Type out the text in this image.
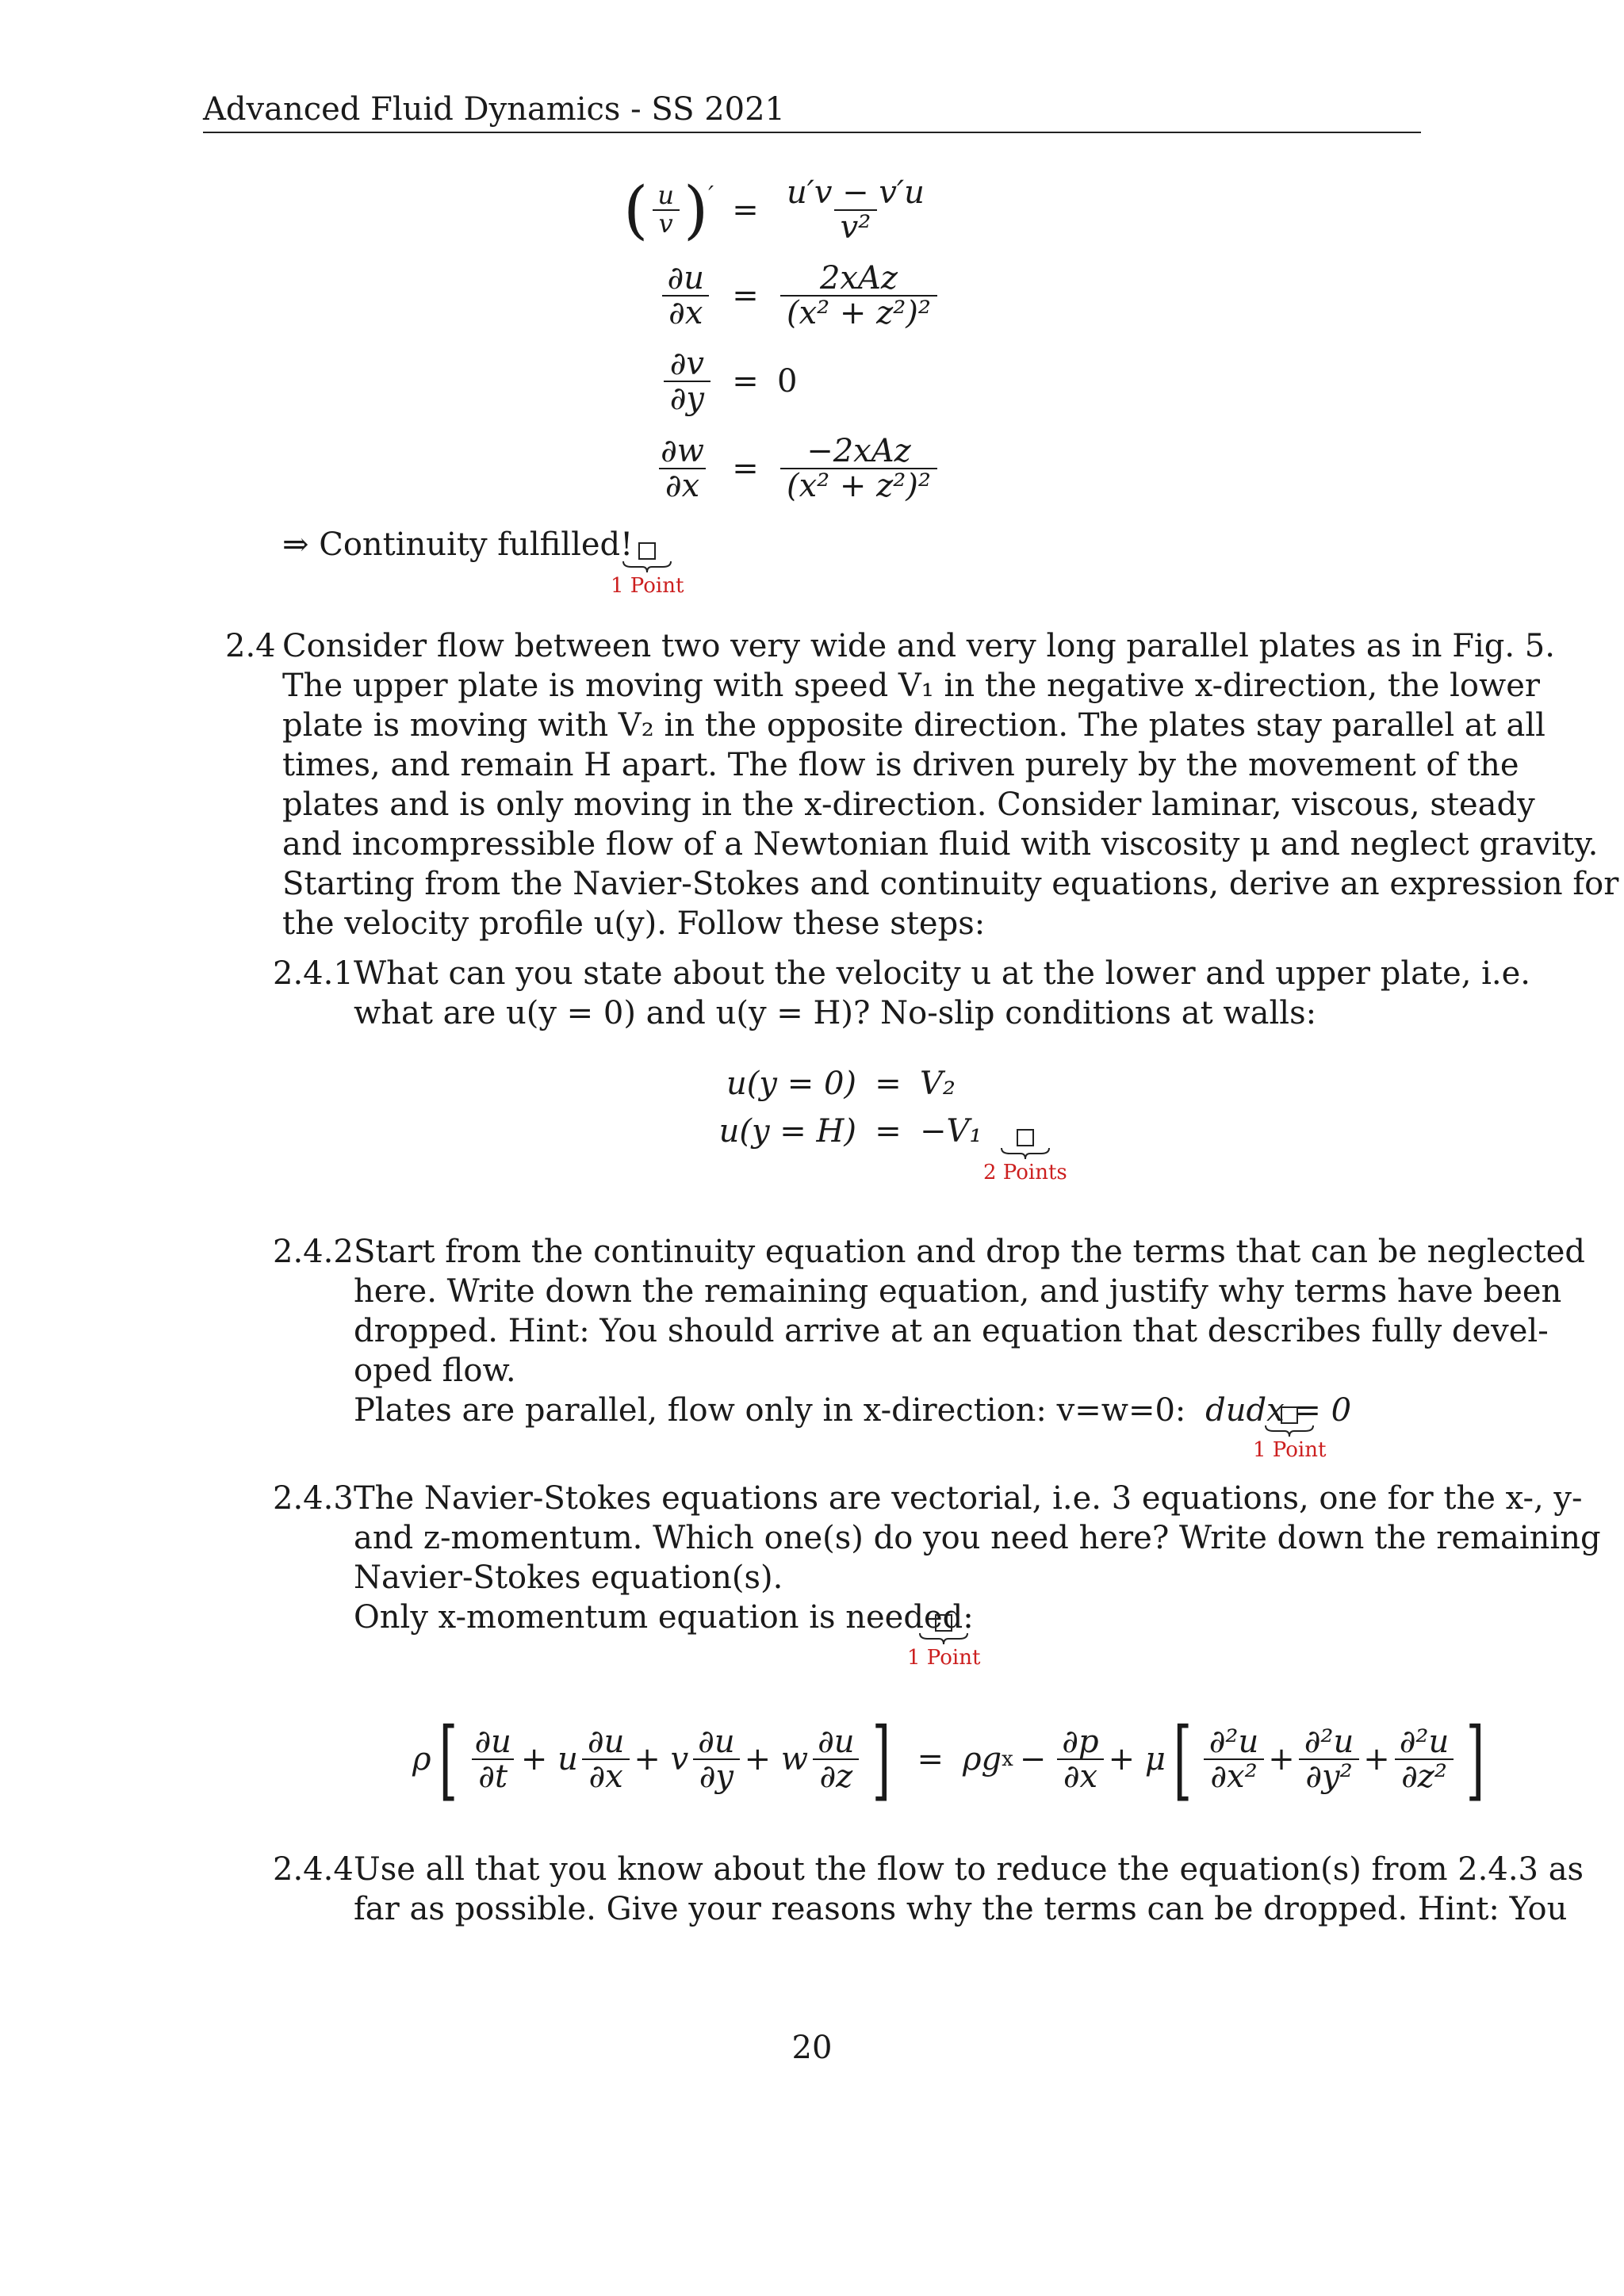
Advanced Fluid Dynamics - SS 2021
( $\frac{u}{v}$ ) ′ = $\frac{u'v - v'u}{\text{v²}}$
$\frac{\partial u}{\partial x} = \frac{\text{2xAz}}{\text{(x² + z²)²}}$
$\frac{\partial v}{\partial y} = 0$
$\frac{\partial w}{\partial x} = \frac{\text{−2xAz}}{\text{(x² + z²)²}}$
⇒ Continuity fulfilled!
1 Point
2.4 Consider flow between two very wide and very long parallel plates as in Fig. 5.
The upper plate is moving with speed V₁ in the negative x-direction, the lower
plate is moving with V₂ in the opposite direction. The plates stay parallel at all
times, and remain H apart. The flow is driven purely by the movement of the
plates and is only moving in the x-direction. Consider laminar, viscous, steady
and incompressible flow of a Newtonian fluid with viscosity μ and neglect gravity.
Starting from the Navier-Stokes and continuity equations, derive an expression for
the velocity profile u(y). Follow these steps:
2.4.1 What can you state about the velocity u at the lower and upper plate, i.e.
what are u(y = 0) and u(y = H)? No-slip conditions at walls:
u(y = 0) = V₂
u(y = H) = −V₁
2 Points
2.4.2 Start from the continuity equation and drop the terms that can be neglected
here. Write down the remaining equation, and justify why terms have been
dropped. Hint: You should arrive at an equation that describes fully devel-
oped flow.
Plates are parallel, flow only in x-direction: v=w=0: dudx = 0
1 Point
2.4.3 The Navier-Stokes equations are vectorial, i.e. 3 equations, one for the x-, y-
and z-momentum. Which one(s) do you need here? Write down the remaining
Navier-Stokes equation(s).
Only x-momentum equation is needed:
1 Point
ρ [ $\frac{\partial u}{\partial t} + u \frac{\partial u}{\partial x} + v \frac{\partial u}{\partial y} + w \frac{\partial u}{\partial z}$ ] = ρg $x - \frac{\partial p}{\partial x} + \mu$ [ $\frac{\text{∂²u}}{\text{∂x²}} + \frac{\text{∂²u}}{\text{∂y²}} + \frac{\text{∂²u}}{\text{∂z²}}$ ]
2.4.4 Use all that you know about the flow to reduce the equation(s) from 2.4.3 as
far as possible. Give your reasons why the terms can be dropped. Hint: You
20
